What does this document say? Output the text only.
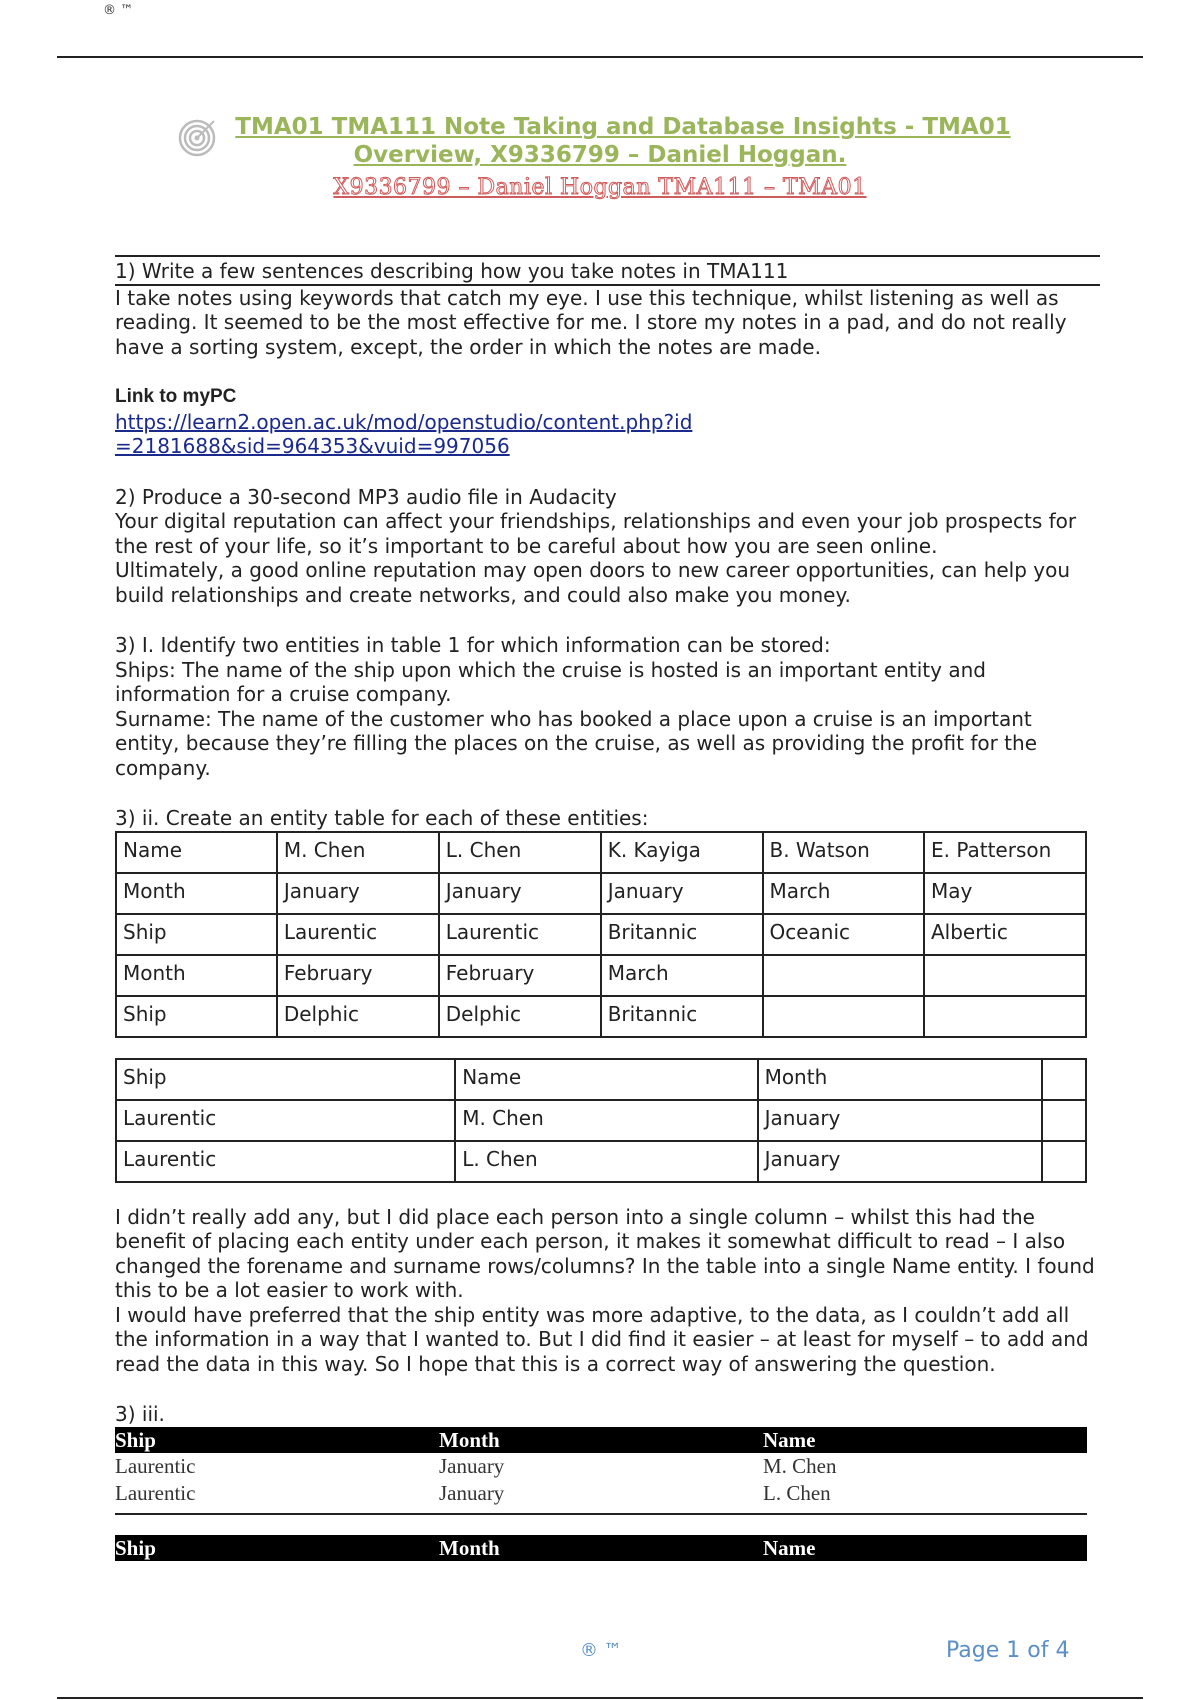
® ™
TMA01 TMA111 Note Taking and Database Insights - TMA01
Overview, X9336799 – Daniel Hoggan.
X9336799 – Daniel Hoggan TMA111 – TMA01
1) Write a few sentences describing how you take notes in TMA111

I take notes using keywords that catch my eye. I use this technique, whilst listening as well as reading. It seemed to be the most effective for me. I store my notes in a pad, and do not really have a sorting system, except, the order in which the notes are made.

Link to myPC

https://learn2.open.ac.uk/mod/openstudio/content.php?id=2181688&sid=964353&vuid=997056

2) Produce a 30-second MP3 audio file in Audacity

Your digital reputation can affect your friendships, relationships and even your job prospects for the rest of your life, so it’s important to be careful about how you are seen online.

Ultimately, a good online reputation may open doors to new career opportunities, can help you build relationships and create networks, and could also make you money.

3) I. Identify two entities in table 1 for which information can be stored:

Ships: The name of the ship upon which the cruise is hosted is an important entity and information for a cruise company.

Surname: The name of the customer who has booked a place upon a cruise is an important entity, because they’re filling the places on the cruise, as well as providing the profit for the company.

3) ii. Create an entity table for each of these entities:

Name	M. Chen	L. Chen	K. Kayiga	B. Watson	E. Patterson
Month	January	January	January	March	May
Ship	Laurentic	Laurentic	Britannic	Oceanic	Albertic
Month	February	February	March		
Ship	Delphic	Delphic	Britannic		
Ship	Name	Month	
Laurentic	M. Chen	January	
Laurentic	L. Chen	January	

I didn’t really add any, but I did place each person into a single column – whilst this had the benefit of placing each entity under each person, it makes it somewhat difficult to read – I also changed the forename and surname rows/columns? In the table into a single Name entity. I found this to be a lot easier to work with.

I would have preferred that the ship entity was more adaptive, to the data, as I couldn’t add all the information in a way that I wanted to. But I did find it easier – at least for myself – to add and read the data in this way. So I hope that this is a correct way of answering the question.

3) iii.

Ship	Month	Name
Laurentic	January	M. Chen
Laurentic	January	L. Chen
Ship	Month	Name
® ™	Page 1 of 4
